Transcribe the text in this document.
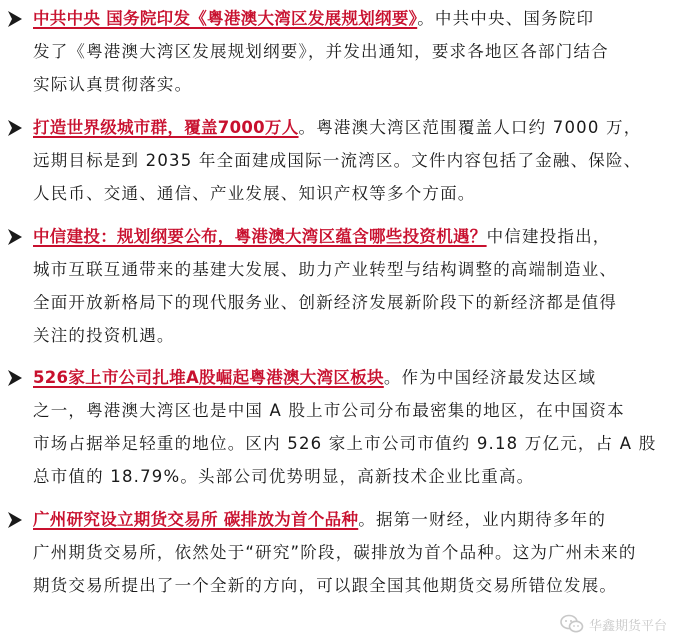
中共中央 国务院印发《粤港澳大湾区发展规划纲要》。中共中央、国务院印
发了《粤港澳大湾区发展规划纲要》，并发出通知，要求各地区各部门结合
实际认真贯彻落实。
打造世界级城市群，覆盖7000万人。粤港澳大湾区范围覆盖人口约 7000 万，
远期目标是到 2035 年全面建成国际一流湾区。文件内容包括了金融、保险、
人民币、交通、通信、产业发展、知识产权等多个方面。
中信建投：规划纲要公布，粤港澳大湾区蕴含哪些投资机遇？中信建投指出，
城市互联互通带来的基建大发展、助力产业转型与结构调整的高端制造业、
全面开放新格局下的现代服务业、创新经济发展新阶段下的新经济都是值得
关注的投资机遇。
526家上市公司扎堆A股崛起粤港澳大湾区板块。作为中国经济最发达区域
之一，粤港澳大湾区也是中国 A 股上市公司分布最密集的地区，在中国资本
市场占据举足轻重的地位。区内 526 家上市公司市值约 9.18 万亿元，占 A 股
总市值的 18.79%。头部公司优势明显，高新技术企业比重高。
广州研究设立期货交易所 碳排放为首个品种。据第一财经，业内期待多年的
广州期货交易所，依然处于“研究”阶段，碳排放为首个品种。这为广州未来的
期货交易所提出了一个全新的方向，可以跟全国其他期货交易所错位发展。
华鑫期货平台
